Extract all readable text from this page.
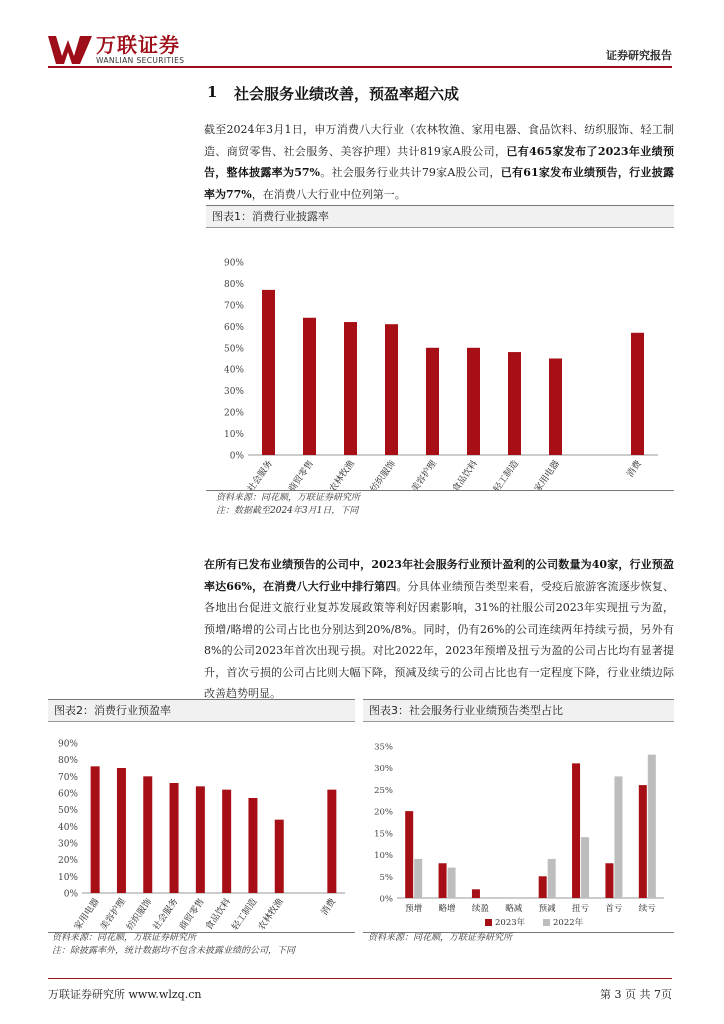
万联证券
WANLIAN SECURITIES	证券研究报告
1 社会服务业绩改善，预盈率超六成
截至2024年3月1日，申万消费八大行业（农林牧渔、家用电器、食品饮料、纺织服饰、轻工制造、商贸零售、社会服务、美容护理）共计819家A股公司，已有465家发布了2023年业绩预告，整体披露率为57%。社会服务行业共计79家A股公司，已有61家发布业绩预告，行业披露率为77%，在消费八大行业中位列第一。
图表1：消费行业披露率
0%
10%
20%
30%
40%
50%
60%
70%
80%
90%
社会服务 商贸零售 农林牧渔 纺织服饰 美容护理 食品饮料 轻工制造 家用电器	消费
资料来源：同花顺，万联证券研究所
注：数据截至2024年3月1日，下同
在所有已发布业绩预告的公司中，2023年社会服务行业预计盈利的公司数量为40家，行业预盈率达66%，在消费八大行业中排行第四。分具体业绩预告类型来看，受疫后旅游客流逐步恢复、各地出台促进文旅行业复苏发展政策等利好因素影响，31%的社服公司2023年实现扭亏为盈，预增/略增的公司占比也分别达到20%/8%。同时，仍有26%的公司连续两年持续亏损，另外有8%的公司2023年首次出现亏损。对比2022年，2023年预增及扭亏为盈的公司占比均有显著提升，首次亏损的公司占比则大幅下降，预减及续亏的公司占比也有一定程度下降，行业业绩边际改善趋势明显。
图表2：消费行业预盈率
0%
10%
20%
30%
40%
50%
60%
70%
80%
90%
家用电器
美容护理
纺织服饰
社会服务
商贸零售
食品饮料
轻工制造
农林牧渔	消费
资料来源：同花顺，万联证券研究所
注：除披露率外，统计数据均不包含未披露业绩的公司，下同
图表3：社会服务行业业绩预告类型占比
0%
5%
10%
15%
20%
25%
30%
35%
预增 略增 续盈 略减 预减 扭亏 首亏 续亏
2023年	2022年
资料来源：同花顺，万联证券研究所
万联证券研究所 www.wlzq.cn	第 3 页 共 7页
